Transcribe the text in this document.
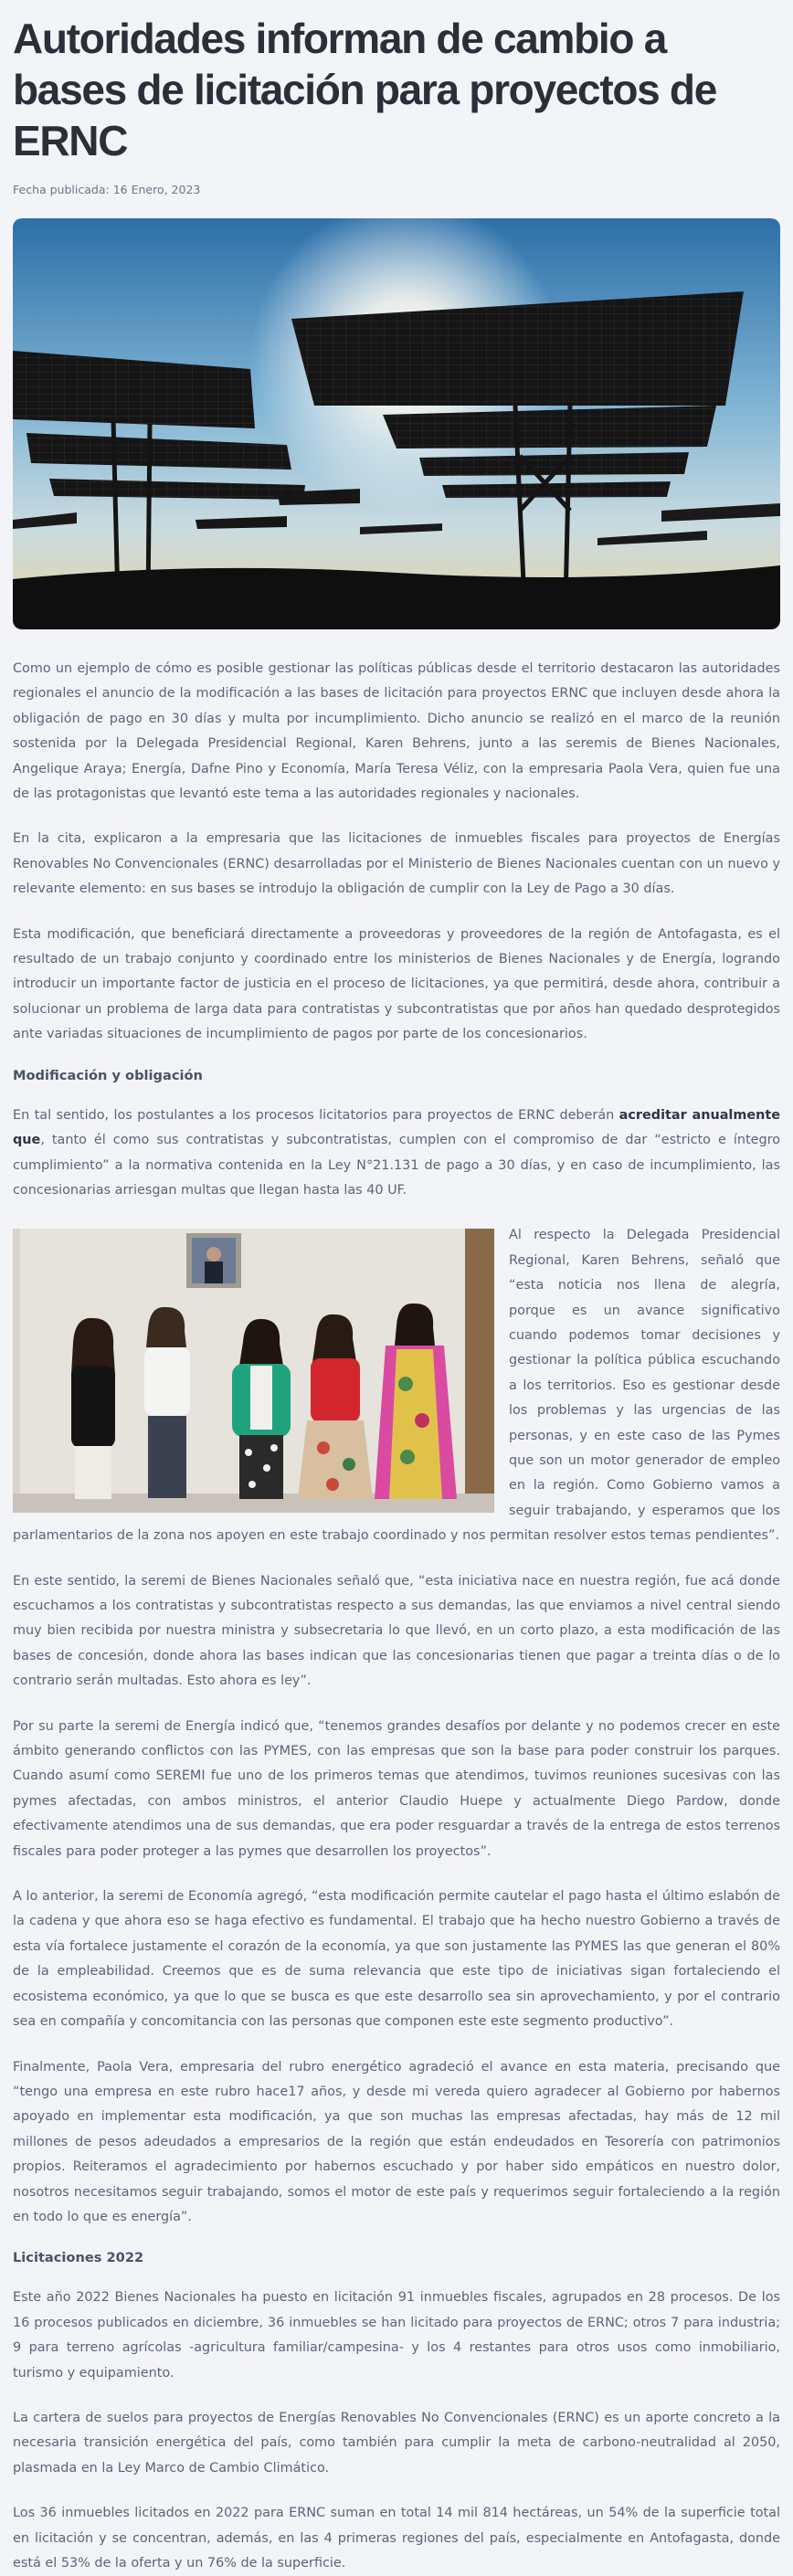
Autoridades informan de cambio a bases de licitación para proyectos de ERNC
Fecha publicada: 16 Enero, 2023

Como un ejemplo de cómo es posible gestionar las políticas públicas desde el territorio destacaron las autoridades regionales el anuncio de la modificación a las bases de licitación para proyectos ERNC que incluyen desde ahora la obligación de pago en 30 días y multa por incumplimiento. Dicho anuncio se realizó en el marco de la reunión sostenida por la Delegada Presidencial Regional, Karen Behrens, junto a las seremis de Bienes Nacionales, Angelique Araya; Energía, Dafne Pino y Economía, María Teresa Véliz, con la empresaria Paola Vera, quien fue una de las protagonistas que levantó este tema a las autoridades regionales y nacionales.

En la cita, explicaron a la empresaria que las licitaciones de inmuebles fiscales para proyectos de Energías Renovables No Convencionales (ERNC) desarrolladas por el Ministerio de Bienes Nacionales cuentan con un nuevo y relevante elemento: en sus bases se introdujo la obligación de cumplir con la Ley de Pago a 30 días.

Esta modificación, que beneficiará directamente a proveedoras y proveedores de la región de Antofagasta, es el resultado de un trabajo conjunto y coordinado entre los ministerios de Bienes Nacionales y de Energía, logrando introducir un importante factor de justicia en el proceso de licitaciones, ya que permitirá, desde ahora, contribuir a solucionar un problema de larga data para contratistas y subcontratistas que por años han quedado desprotegidos ante variadas situaciones de incumplimiento de pagos por parte de los concesionarios.

Modificación y obligación

En tal sentido, los postulantes a los procesos licitatorios para proyectos de ERNC deberán acreditar anualmente que, tanto él como sus contratistas y subcontratistas, cumplen con el compromiso de dar “estricto e íntegro cumplimiento” a la normativa contenida en la Ley N°21.131 de pago a 30 días, y en caso de incumplimiento, las concesionarias arriesgan multas que llegan hasta las 40 UF.

Al respecto la Delegada Presidencial Regional, Karen Behrens, señaló que “esta noticia nos llena de alegría, porque es un avance significativo cuando podemos tomar decisiones y gestionar la política pública escuchando a los territorios. Eso es gestionar desde los problemas y las urgencias de las personas, y en este caso de las Pymes que son un motor generador de empleo en la región. Como Gobierno vamos a seguir trabajando, y esperamos que los parlamentarios de la zona nos apoyen en este trabajo coordinado y nos permitan resolver estos temas pendientes”.

En este sentido, la seremi de Bienes Nacionales señaló que, “esta iniciativa nace en nuestra región, fue acá donde escuchamos a los contratistas y subcontratistas respecto a sus demandas, las que enviamos a nivel central siendo muy bien recibida por nuestra ministra y subsecretaria lo que llevó, en un corto plazo, a esta modificación de las bases de concesión, donde ahora las bases indican que las concesionarias tienen que pagar a treinta días o de lo contrario serán multadas. Esto ahora es ley”.

Por su parte la seremi de Energía indicó que, “tenemos grandes desafíos por delante y no podemos crecer en este ámbito generando conflictos con las PYMES, con las empresas que son la base para poder construir los parques. Cuando asumí como SEREMI fue uno de los primeros temas que atendimos, tuvimos reuniones sucesivas con las pymes afectadas, con ambos ministros, el anterior Claudio Huepe y actualmente Diego Pardow, donde efectivamente atendimos una de sus demandas, que era poder resguardar a través de la entrega de estos terrenos fiscales para poder proteger a las pymes que desarrollen los proyectos”.

A lo anterior, la seremi de Economía agregó, “esta modificación permite cautelar el pago hasta el último eslabón de la cadena y que ahora eso se haga efectivo es fundamental. El trabajo que ha hecho nuestro Gobierno a través de esta vía fortalece justamente el corazón de la economía, ya que son justamente las PYMES las que generan el 80% de la empleabilidad. Creemos que es de suma relevancia que este tipo de iniciativas sigan fortaleciendo el ecosistema económico, ya que lo que se busca es que este desarrollo sea sin aprovechamiento, y por el contrario sea en compañía y concomitancia con las personas que componen este este segmento productivo”.

Finalmente, Paola Vera, empresaria del rubro energético agradeció el avance en esta materia, precisando que “tengo una empresa en este rubro hace17 años, y desde mi vereda quiero agradecer al Gobierno por habernos apoyado en implementar esta modificación, ya que son muchas las empresas afectadas, hay más de 12 mil millones de pesos adeudados a empresarios de la región que están endeudados en Tesorería con patrimonios propios. Reiteramos el agradecimiento por habernos escuchado y por haber sido empáticos en nuestro dolor, nosotros necesitamos seguir trabajando, somos el motor de este país y requerimos seguir fortaleciendo a la región en todo lo que es energía”.

Licitaciones 2022

Este año 2022 Bienes Nacionales ha puesto en licitación 91 inmuebles fiscales, agrupados en 28 procesos. De los 16 procesos publicados en diciembre, 36 inmuebles se han licitado para proyectos de ERNC; otros 7 para industria; 9 para terreno agrícolas -agricultura familiar/campesina- y los 4 restantes para otros usos como inmobiliario, turismo y equipamiento.

La cartera de suelos para proyectos de Energías Renovables No Convencionales (ERNC) es un aporte concreto a la necesaria transición energética del país, como también para cumplir la meta de carbono-neutralidad al 2050, plasmada en la Ley Marco de Cambio Climático.

Los 36 inmuebles licitados en 2022 para ERNC suman en total 14 mil 814 hectáreas, un 54% de la superficie total en licitación y se concentran, además, en las 4 primeras regiones del país, especialmente en Antofagasta, donde está el 53% de la oferta y un 76% de la superficie.
